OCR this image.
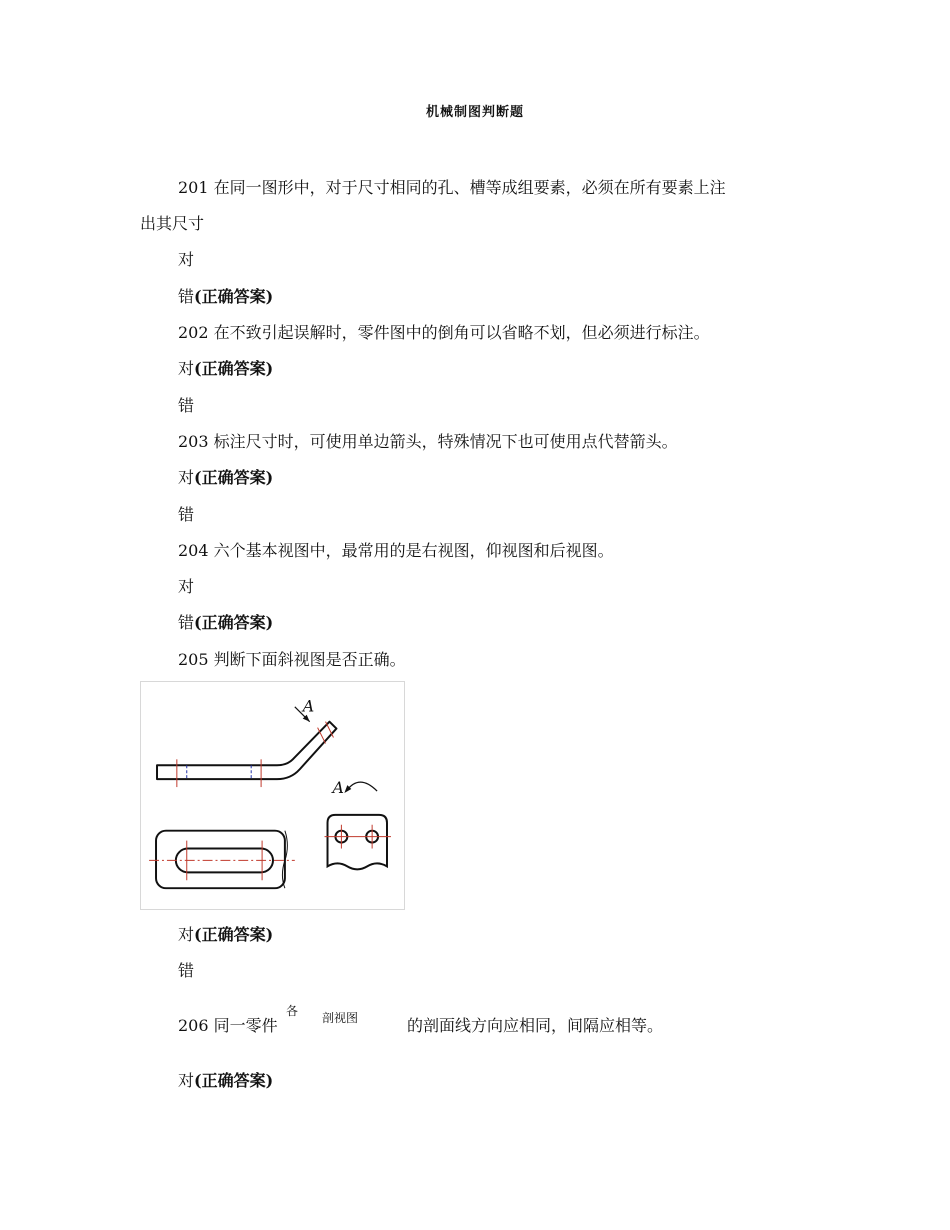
机械制图判断题
201 在同一图形中，对于尺寸相同的孔、槽等成组要素，必须在所有要素上注
出其尺寸
对
错(正确答案)
202 在不致引起误解时，零件图中的倒角可以省略不划，但必须进行标注。
对(正确答案)
错
203 标注尺寸时，可使用单边箭头，特殊情况下也可使用点代替箭头。
对(正确答案)
错
204 六个基本视图中，最常用的是右视图，仰视图和后视图。
对
错(正确答案)
205 判断下面斜视图是否正确。
A
A
对(正确答案)
错
206 同一零件
各 剖视图	的剖面线方向应相同，间隔应相等。
对(正确答案)
